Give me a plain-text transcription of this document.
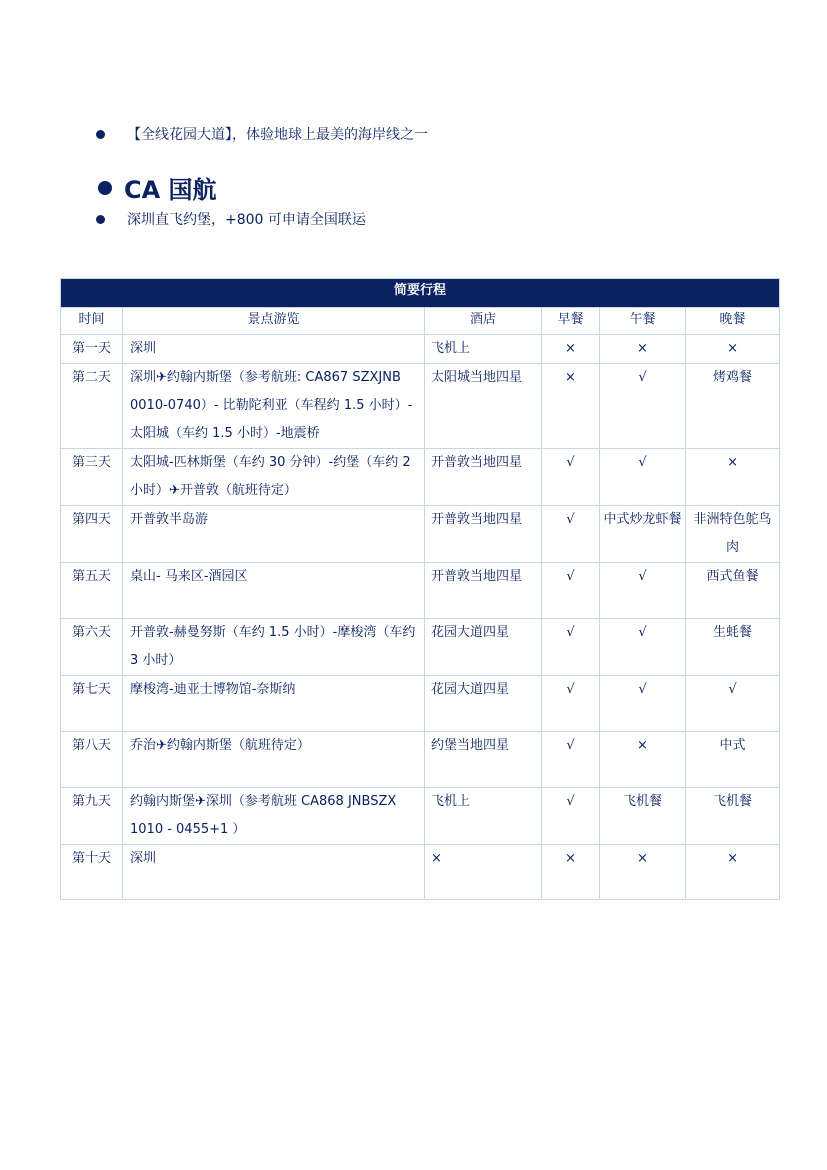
【全线花园大道】，体验地球上最美的海岸线之一
CA 国航
深圳直飞约堡，+800 可申请全国联运
简要行程					
时间	景点游览	酒店	早餐	午餐	晚餐
第一天	深圳	飞机上	×	×	×
第二天	深圳✈约翰内斯堡（参考航班: CA867 SZXJNB 0010-0740）- 比勒陀利亚（车程约 1.5 小时）-太阳城（车约 1.5 小时）-地震桥	太阳城当地四星	×	√	烤鸡餐
第三天	太阳城-匹林斯堡（车约 30 分钟）-约堡（车约 2 小时）✈开普敦（航班待定）	开普敦当地四星	√	√	×
第四天	开普敦半岛游	开普敦当地四星	√	中式炒龙虾餐	非洲特色鸵鸟肉
第五天	桌山- 马来区-酒园区	开普敦当地四星	√	√	西式鱼餐
第六天	开普敦-赫曼努斯（车约 1.5 小时）-摩梭湾（车约 3 小时）	花园大道四星	√	√	生蚝餐
第七天	摩梭湾-迪亚士博物馆-奈斯纳	花园大道四星	√	√	√
第八天	乔治✈约翰内斯堡（航班待定）	约堡当地四星	√	×	中式
第九天	约翰内斯堡✈深圳（参考航班 CA868 JNBSZX 1010 - 0455+1 ）	飞机上	√	飞机餐	飞机餐
第十天	深圳	×	×	×	×
